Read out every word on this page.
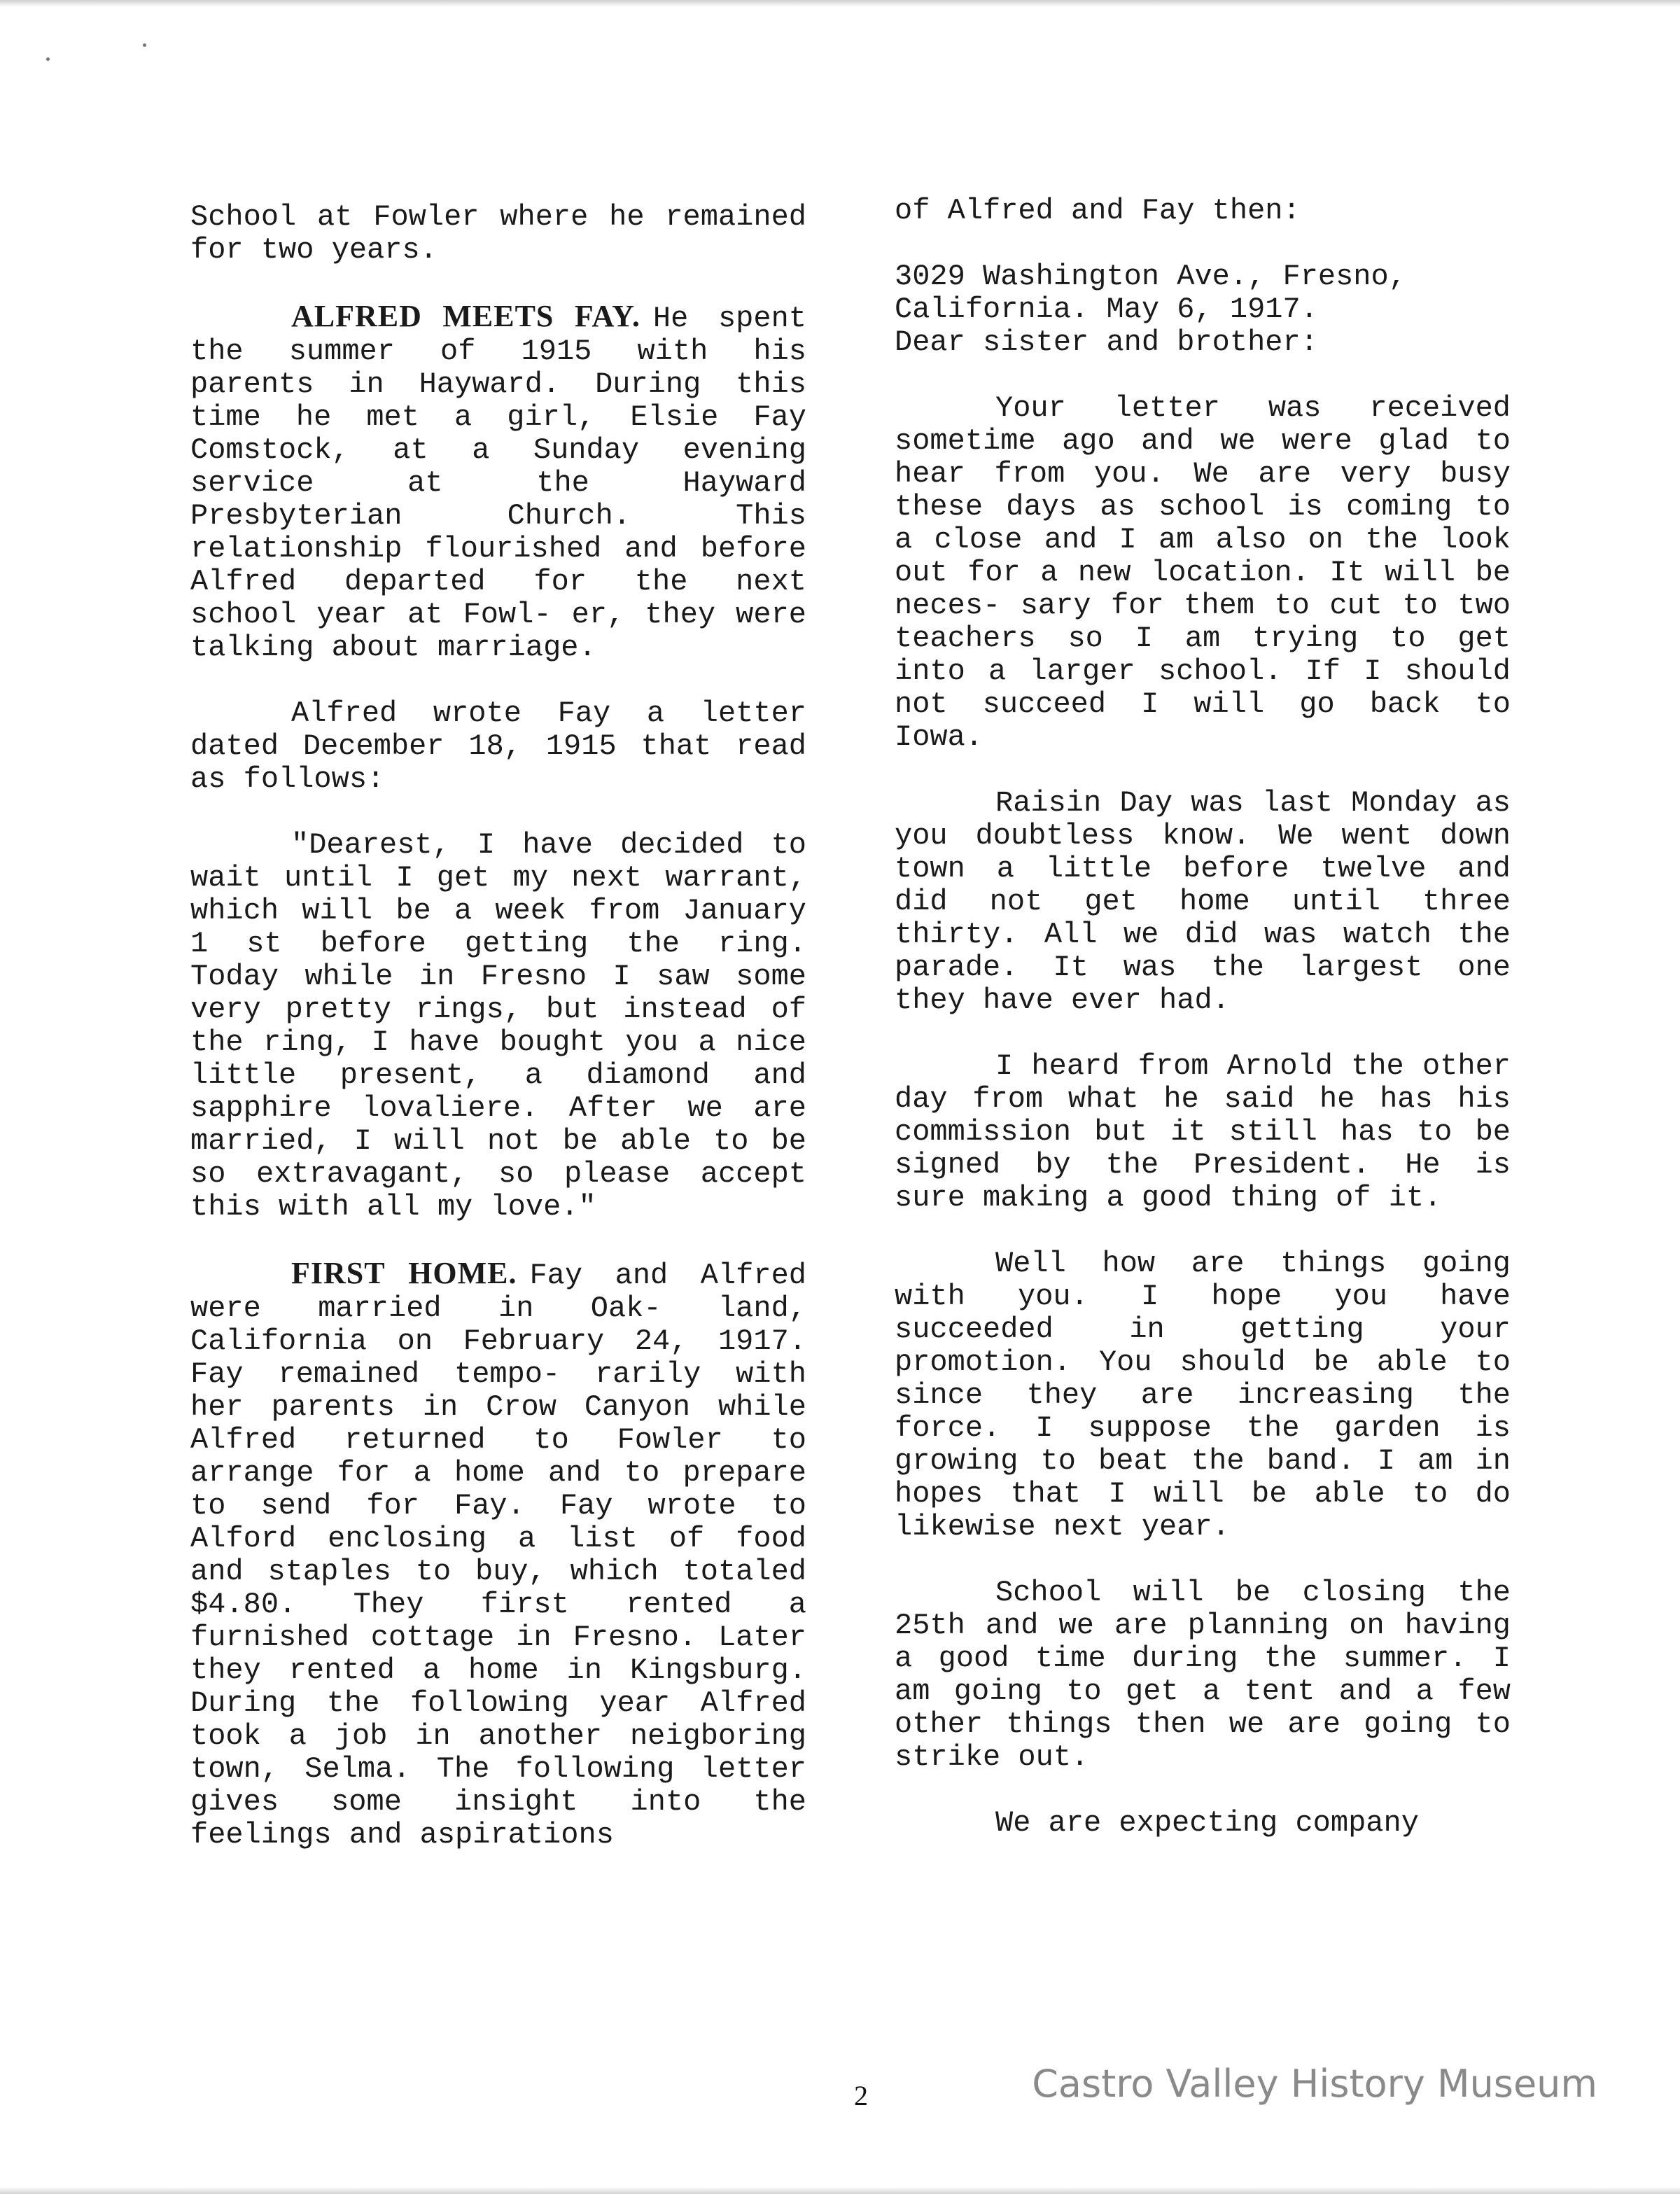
School at Fowler where he remained for two years.

ALFRED MEETS FAY. He spent the summer of 1915 with his parents in Hayward. During this time he met a girl, Elsie Fay Comstock, at a Sunday evening service at the Hayward Presbyterian Church. This relationship flourished and before Alfred departed for the next school year at Fowl- er, they were talking about marriage.

Alfred wrote Fay a letter dated December 18, 1915 that read as follows:

"Dearest, I have decided to wait until I get my next warrant, which will be a week from January 1 st before getting the ring. Today while in Fresno I saw some very pretty rings, but instead of the ring, I have bought you a nice little present, a diamond and sapphire lovaliere. After we are married, I will not be able to be so extravagant, so please accept this with all my love."

FIRST HOME. Fay and Alfred were married in Oak- land, California on February 24, 1917. Fay remained tempo- rarily with her parents in Crow Canyon while Alfred returned to Fowler to arrange for a home and to prepare to send for Fay. Fay wrote to Alford enclosing a list of food and staples to buy, which totaled $4.80. They first rented a furnished cottage in Fresno. Later they rented a home in Kingsburg. During the following year Alfred took a job in another neigboring town, Selma. The following letter gives some insight into the feelings and aspirations

of Alfred and Fay then:

3029 Washington Ave., Fresno,

California. May 6, 1917.

Dear sister and brother:

Your letter was received sometime ago and we were glad to hear from you. We are very busy these days as school is coming to a close and I am also on the look out for a new location. It will be neces- sary for them to cut to two teachers so I am trying to get into a larger school. If I should not succeed I will go back to Iowa.

Raisin Day was last Monday as you doubtless know. We went down town a little before twelve and did not get home until three thirty. All we did was watch the parade. It was the largest one they have ever had.

I heard from Arnold the other day from what he said he has his commission but it still has to be signed by the President. He is sure making a good thing of it.

Well how are things going with you. I hope you have succeeded in getting your promotion. You should be able to since they are increasing the force. I suppose the garden is growing to beat the band. I am in hopes that I will be able to do likewise next year.

School will be closing the 25th and we are planning on having a good time during the summer. I am going to get a tent and a few other things then we are going to strike out.

We are expecting company

2	Castro Valley History Museum
